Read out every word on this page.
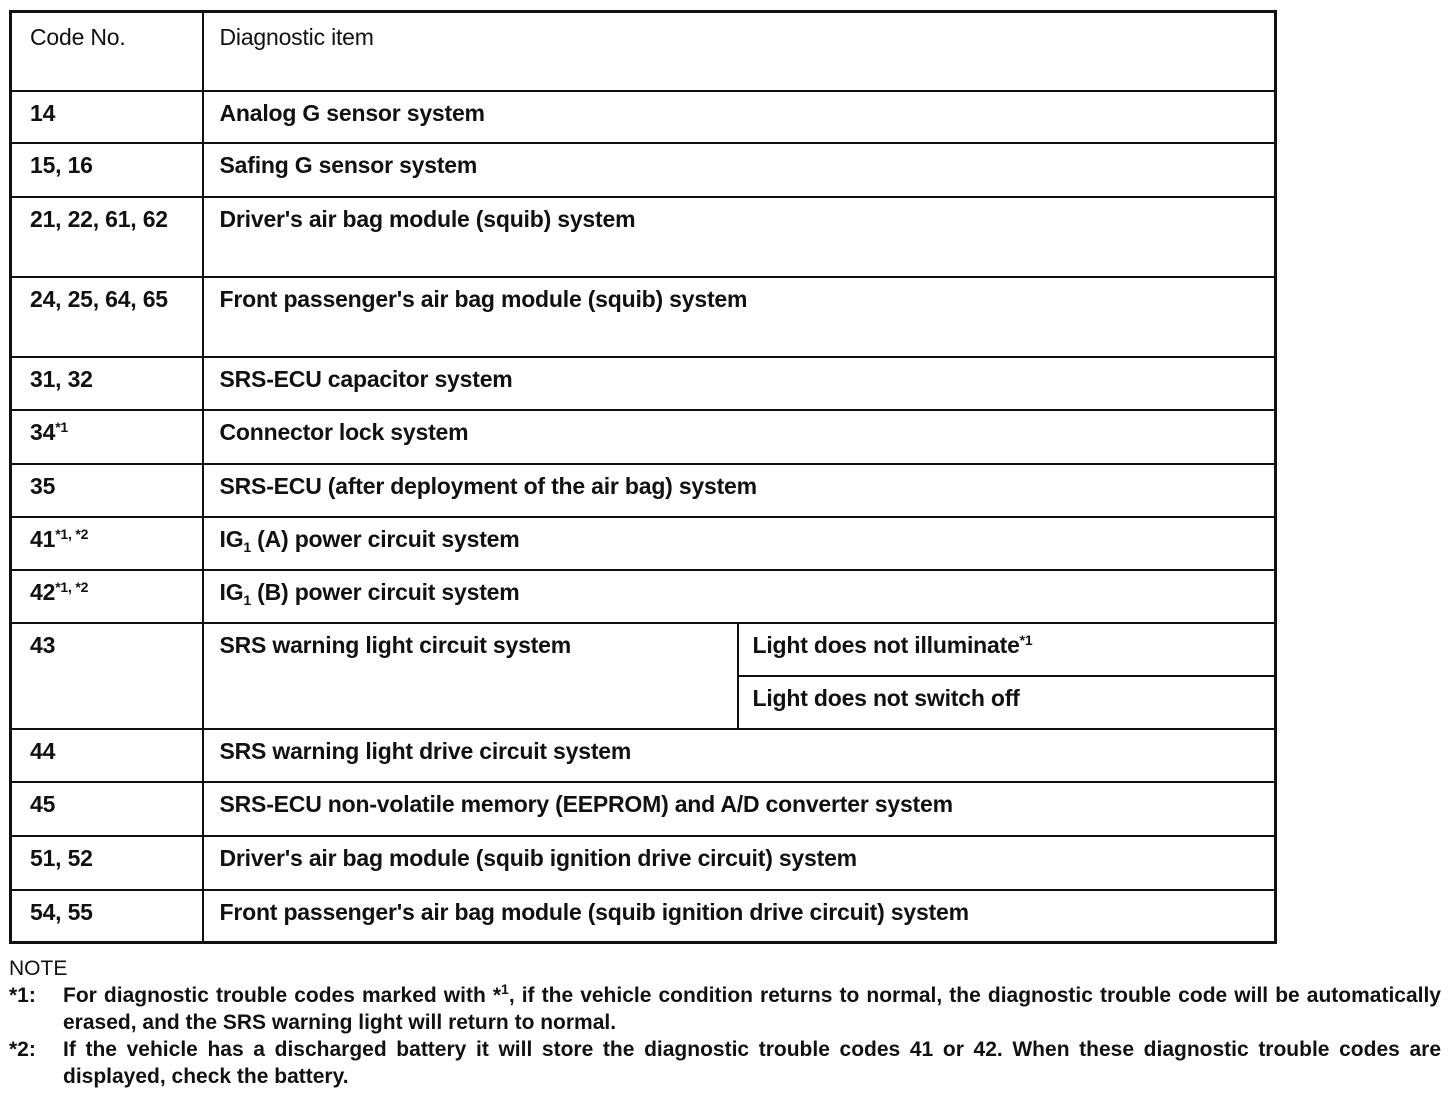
Code No.	Diagnostic item	
14	Analog G sensor system	
15, 16	Safing G sensor system	
21, 22, 61, 62	Driver's air bag module (squib) system	
24, 25, 64, 65	Front passenger's air bag module (squib) system	
31, 32	SRS-ECU capacitor system	
34$^{*1}$	Connector lock system	
35	SRS-ECU (after deployment of the air bag) system	
$41^{*1, *2}$	$IG_1$ (A) power circuit system	
$42^{*1, *2}$	$IG_1$ (B) power circuit system	
43	SRS warning light circuit system	Light does not illuminate$^{*1}$
		Light does not switch off
44	SRS warning light drive circuit system	
45	SRS-ECU non-volatile memory (EEPROM) and A/D converter system	
51, 52	Driver's air bag module (squib ignition drive circuit) system	
54, 55	Front passenger's air bag module (squib ignition drive circuit) system	
NOTE
*1:	For diagnostic trouble codes marked with *$^1$, if the vehicle condition returns to normal, the diagnostic trouble code will be automatically erased, and the SRS warning light will return to normal.
*2:	If the vehicle has a discharged battery it will store the diagnostic trouble codes 41 or 42. When these diagnostic trouble codes are displayed, check the battery.
